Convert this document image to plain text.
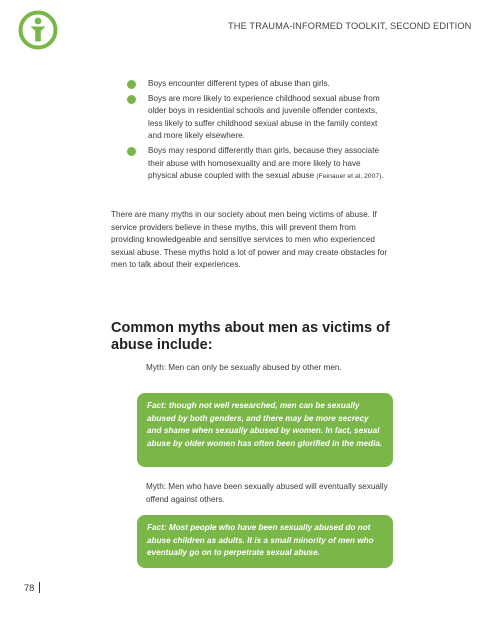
THE TRAUMA-INFORMED TOOLKIT, SECOND EDITION
Boys encounter different types of abuse than girls.
Boys are more likely to experience childhood sexual abuse from older boys in residential schools and juvenile offender contexts, less likely to suffer childhood sexual abuse in the family context and more likely elsewhere.
Boys may respond differently than girls, because they associate their abuse with homosexuality and are more likely to have physical abuse coupled with the sexual abuse (Feinauer et al, 2007).

There are many myths in our society about men being victims of abuse. If service providers believe in these myths, this will prevent them from providing knowledgeable and sensitive services to men who experienced sexual abuse. These myths hold a lot of power and may create obstacles for men to talk about their experiences.

Common myths about men as victims of abuse include:

Myth: Men can only be sexually abused by other men.

Fact: though not well researched, men can be sexually abused by both genders, and there may be more secrecy and shame when sexually abused by women. In fact, sexual abuse by older women has often been glorified in the media.

Myth: Men who have been sexually abused will eventually sexually offend against others.

Fact: Most people who have been sexually abused do not abuse children as adults. It is a small minority of men who eventually go on to perpetrate sexual abuse.
78
